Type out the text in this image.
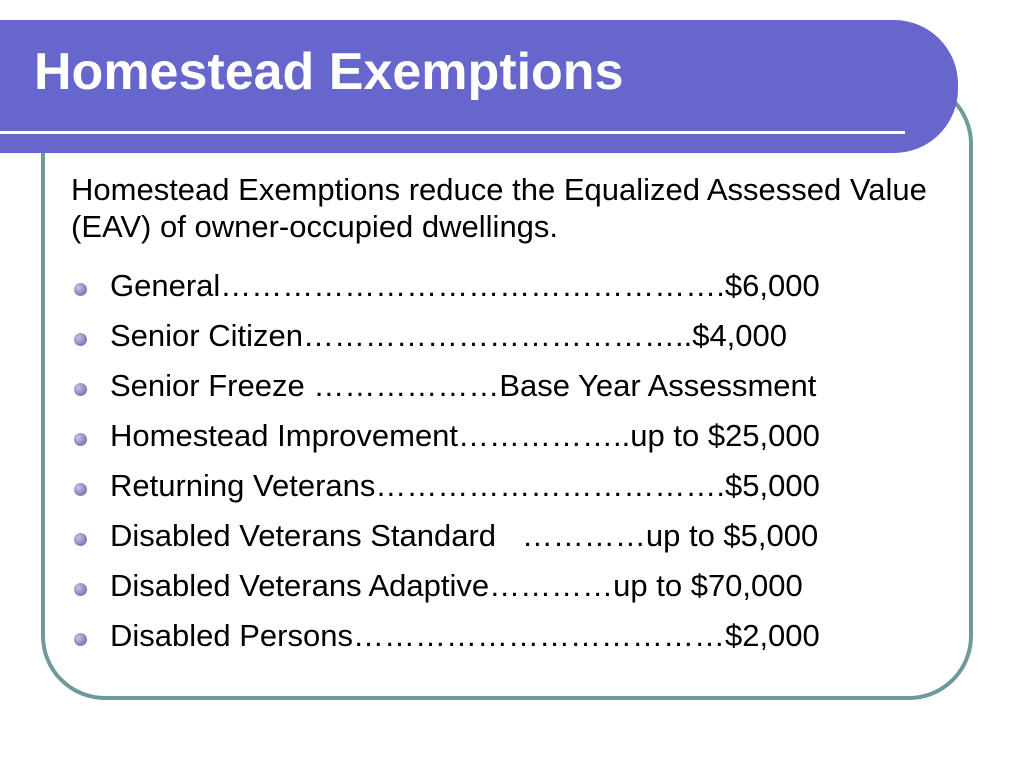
Homestead Exemptions

Homestead Exemptions reduce the Equalized Assessed Value (EAV) of owner-occupied dwellings.

General………………………………………….$6,000
Senior Citizen………………………………..$4,000
Senior Freeze ………………Base Year Assessment
Homestead Improvement……………..up to $25,000
Returning Veterans…………………………….$5,000
Disabled Veterans Standard   …………up to $5,000
Disabled Veterans Adaptive…………up to $70,000
Disabled Persons………………………………$2,000
